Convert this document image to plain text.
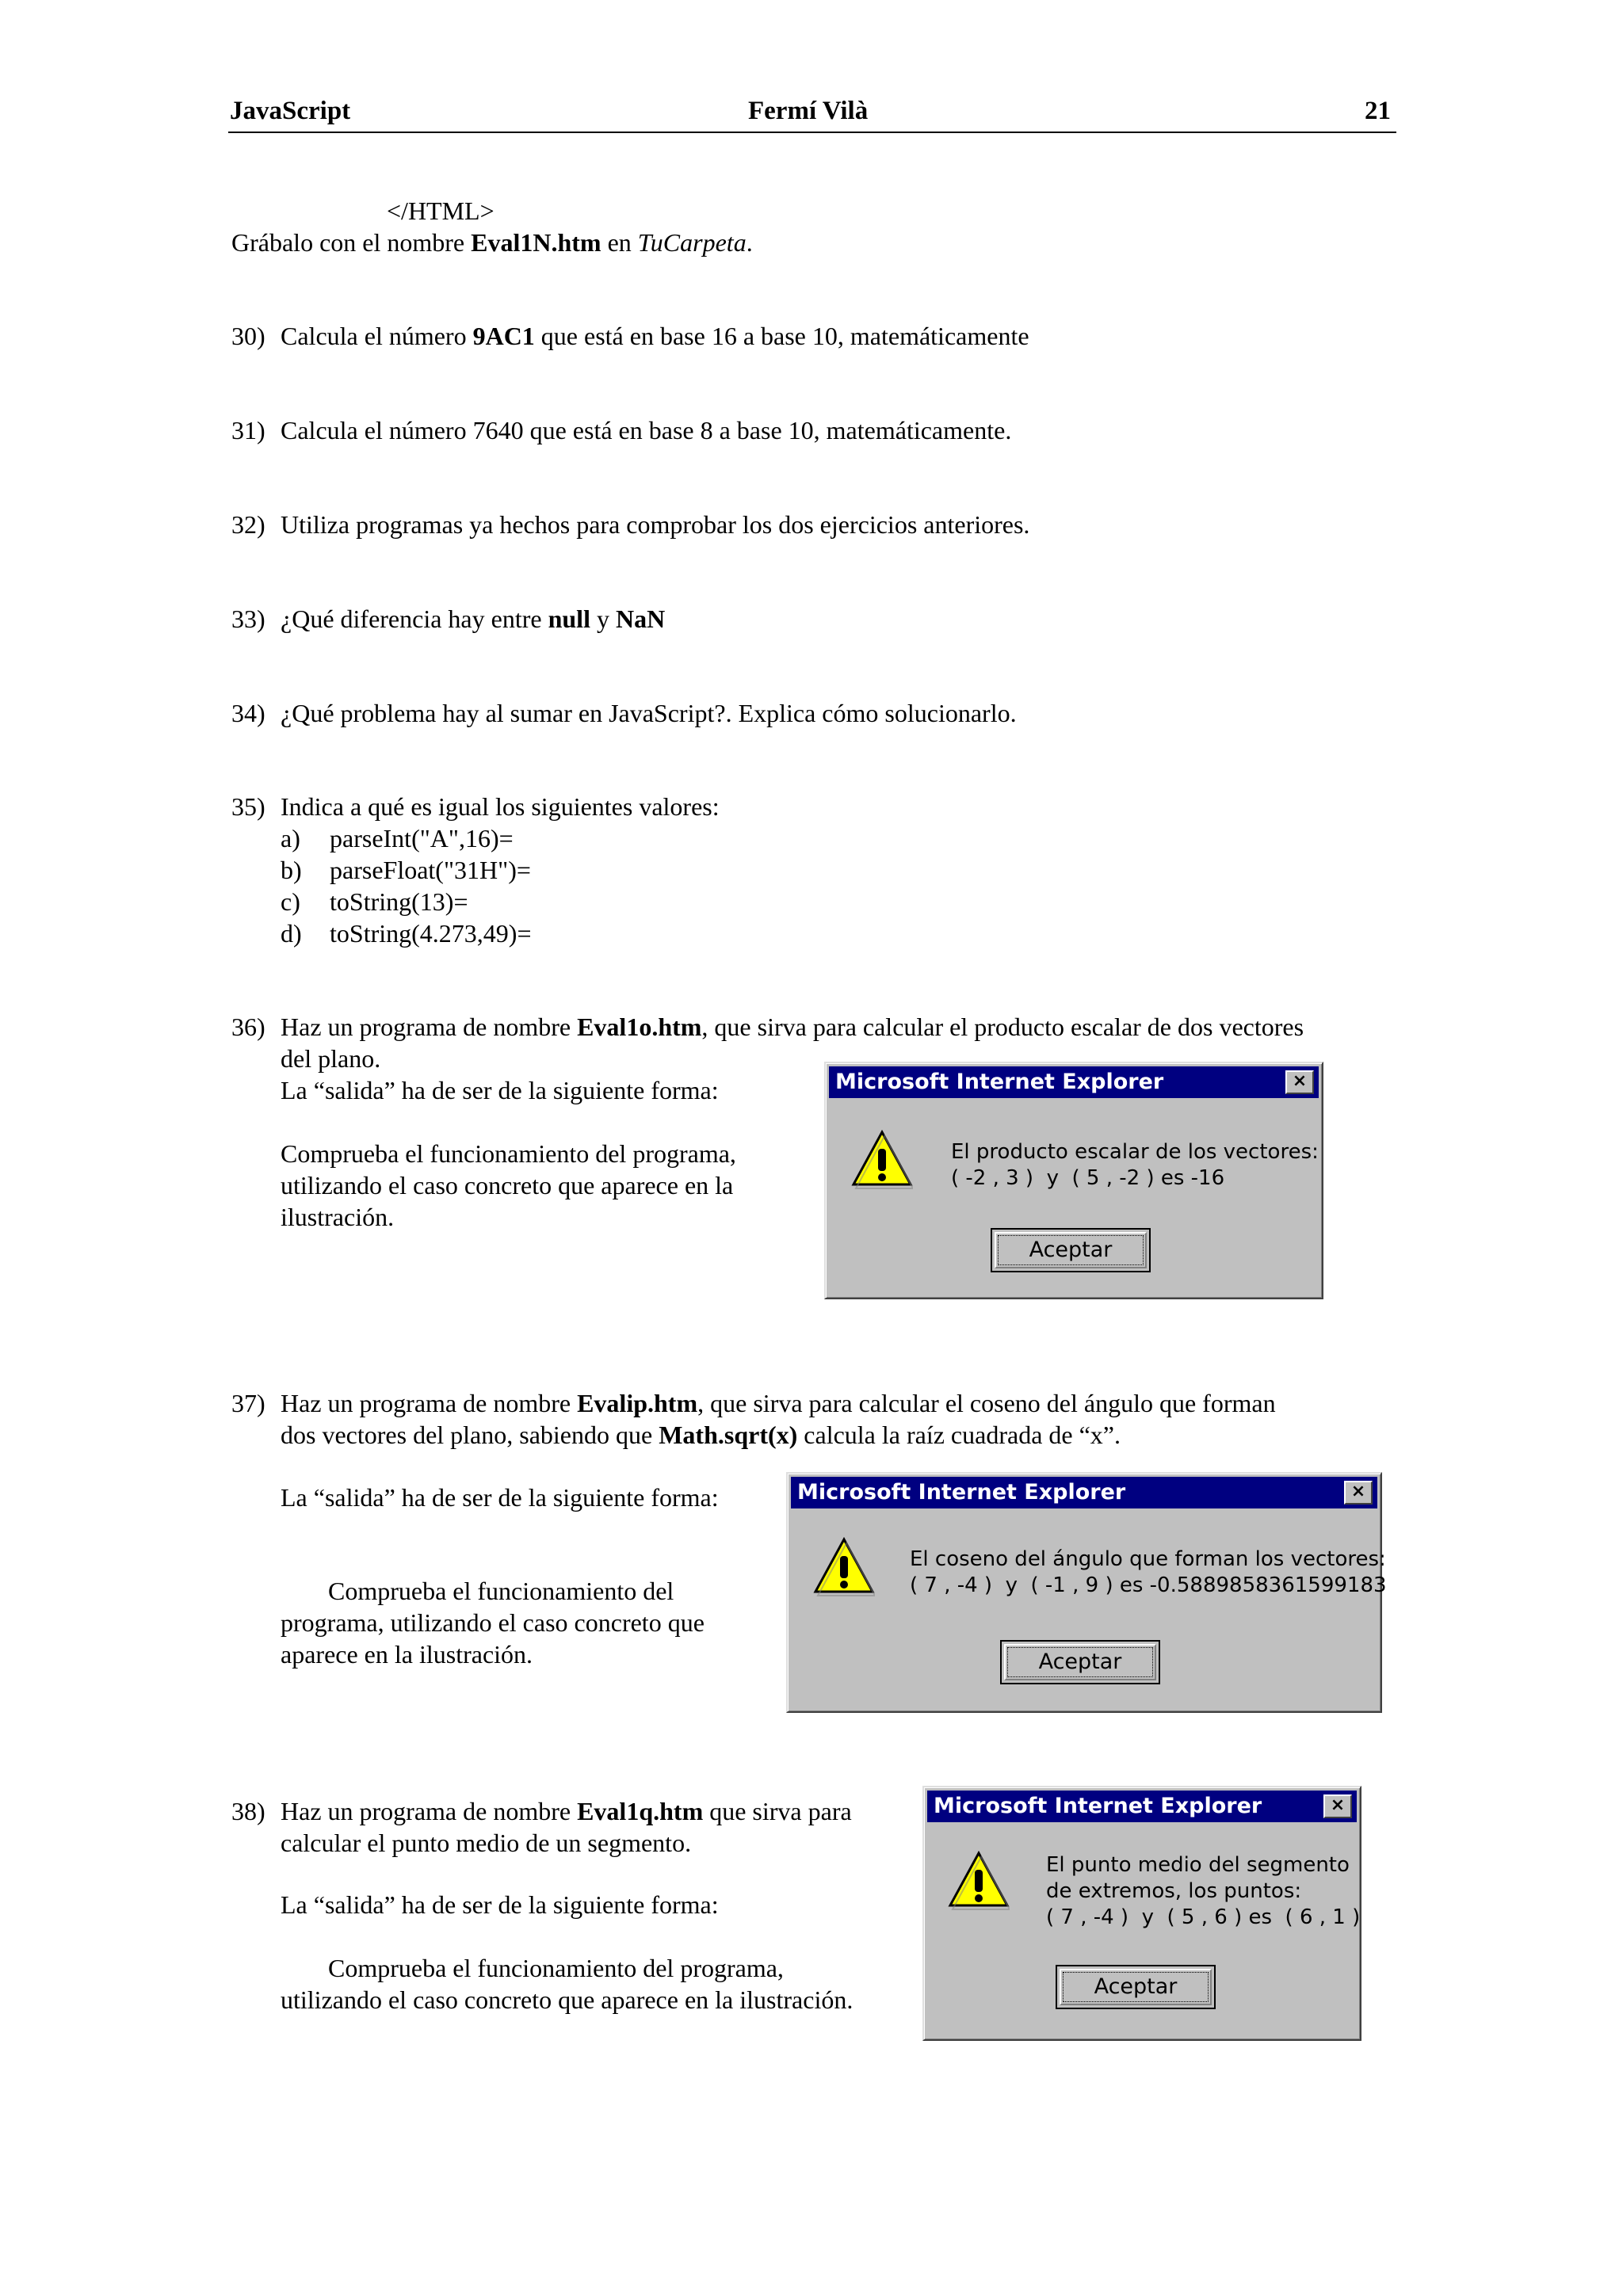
JavaScript	Fermí Vilà	21
</HTML>
Grábalo con el nombre Eval1N.htm en TuCarpeta.
30) Calcula el número 9AC1 que está en base 16 a base 10, matemáticamente
31) Calcula el número 7640 que está en base 8 a base 10, matemáticamente.
32) Utiliza programas ya hechos para comprobar los dos ejercicios anteriores.
33) ¿Qué diferencia hay entre null y NaN
34) ¿Qué problema hay al sumar en JavaScript?. Explica cómo solucionarlo.
35) Indica a qué es igual los siguientes valores:
a) parseInt("A",16)=
b) parseFloat("31H")=
c) toString(13)=
d) toString(4.273,49)=
36) Haz un programa de nombre Eval1o.htm, que sirva para calcular el producto escalar de dos vectores
del plano.
La “salida” ha de ser de la siguiente forma:
Comprueba el funcionamiento del programa,
utilizando el caso concreto que aparece en la
ilustración.
Microsoft Internet Explorer	×
El producto escalar de los vectores:
( -2 , 3 )  y  ( 5 , -2 ) es -16
Aceptar
37) Haz un programa de nombre Evalip.htm, que sirva para calcular el coseno del ángulo que forman
dos vectores del plano, sabiendo que Math.sqrt(x) calcula la raíz cuadrada de “x”.
La “salida” ha de ser de la siguiente forma:
Comprueba el funcionamiento del
programa, utilizando el caso concreto que
aparece en la ilustración.
Microsoft Internet Explorer	×
El coseno del ángulo que forman los vectores:
( 7 , -4 )  y  ( -1 , 9 ) es -0.5889858361599183
Aceptar
38) Haz un programa de nombre Eval1q.htm que sirva para
calcular el punto medio de un segmento.
La “salida” ha de ser de la siguiente forma:
Comprueba el funcionamiento del programa,
utilizando el caso concreto que aparece en la ilustración.
Microsoft Internet Explorer	×
El punto medio del segmento
de extremos, los puntos:
( 7 , -4 )  y  ( 5 , 6 ) es  ( 6 , 1 )
Aceptar
